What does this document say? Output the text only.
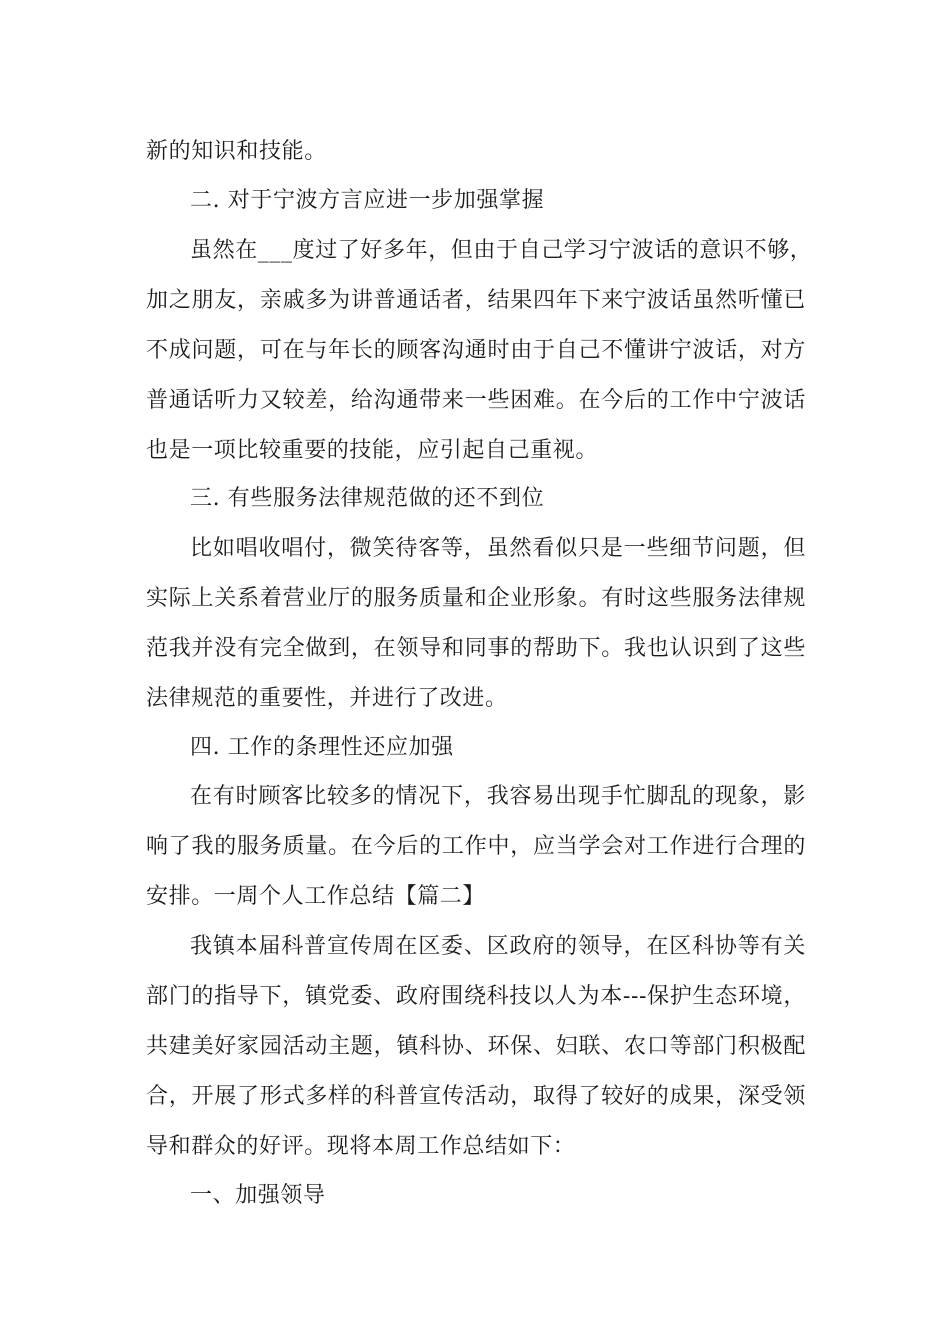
新的知识和技能。
二. 对于宁波方言应进一步加强掌握
虽然在___度过了好多年，但由于自己学习宁波话的意识不够，
加之朋友，亲戚多为讲普通话者，结果四年下来宁波话虽然听懂已
不成问题，可在与年长的顾客沟通时由于自己不懂讲宁波话，对方
普通话听力又较差，给沟通带来一些困难。在今后的工作中宁波话
也是一项比较重要的技能，应引起自己重视。
三. 有些服务法律规范做的还不到位
比如唱收唱付，微笑待客等，虽然看似只是一些细节问题，但
实际上关系着营业厅的服务质量和企业形象。有时这些服务法律规
范我并没有完全做到，在领导和同事的帮助下。我也认识到了这些
法律规范的重要性，并进行了改进。
四. 工作的条理性还应加强
在有时顾客比较多的情况下，我容易出现手忙脚乱的现象，影
响了我的服务质量。在今后的工作中，应当学会对工作进行合理的
安排。一周个人工作总结【篇二】
我镇本届科普宣传周在区委、区政府的领导，在区科协等有关
部门的指导下，镇党委、政府围绕科技以人为本---保护生态环境，
共建美好家园活动主题，镇科协、环保、妇联、农口等部门积极配
合，开展了形式多样的科普宣传活动，取得了较好的成果，深受领
导和群众的好评。现将本周工作总结如下：
一、加强领导
